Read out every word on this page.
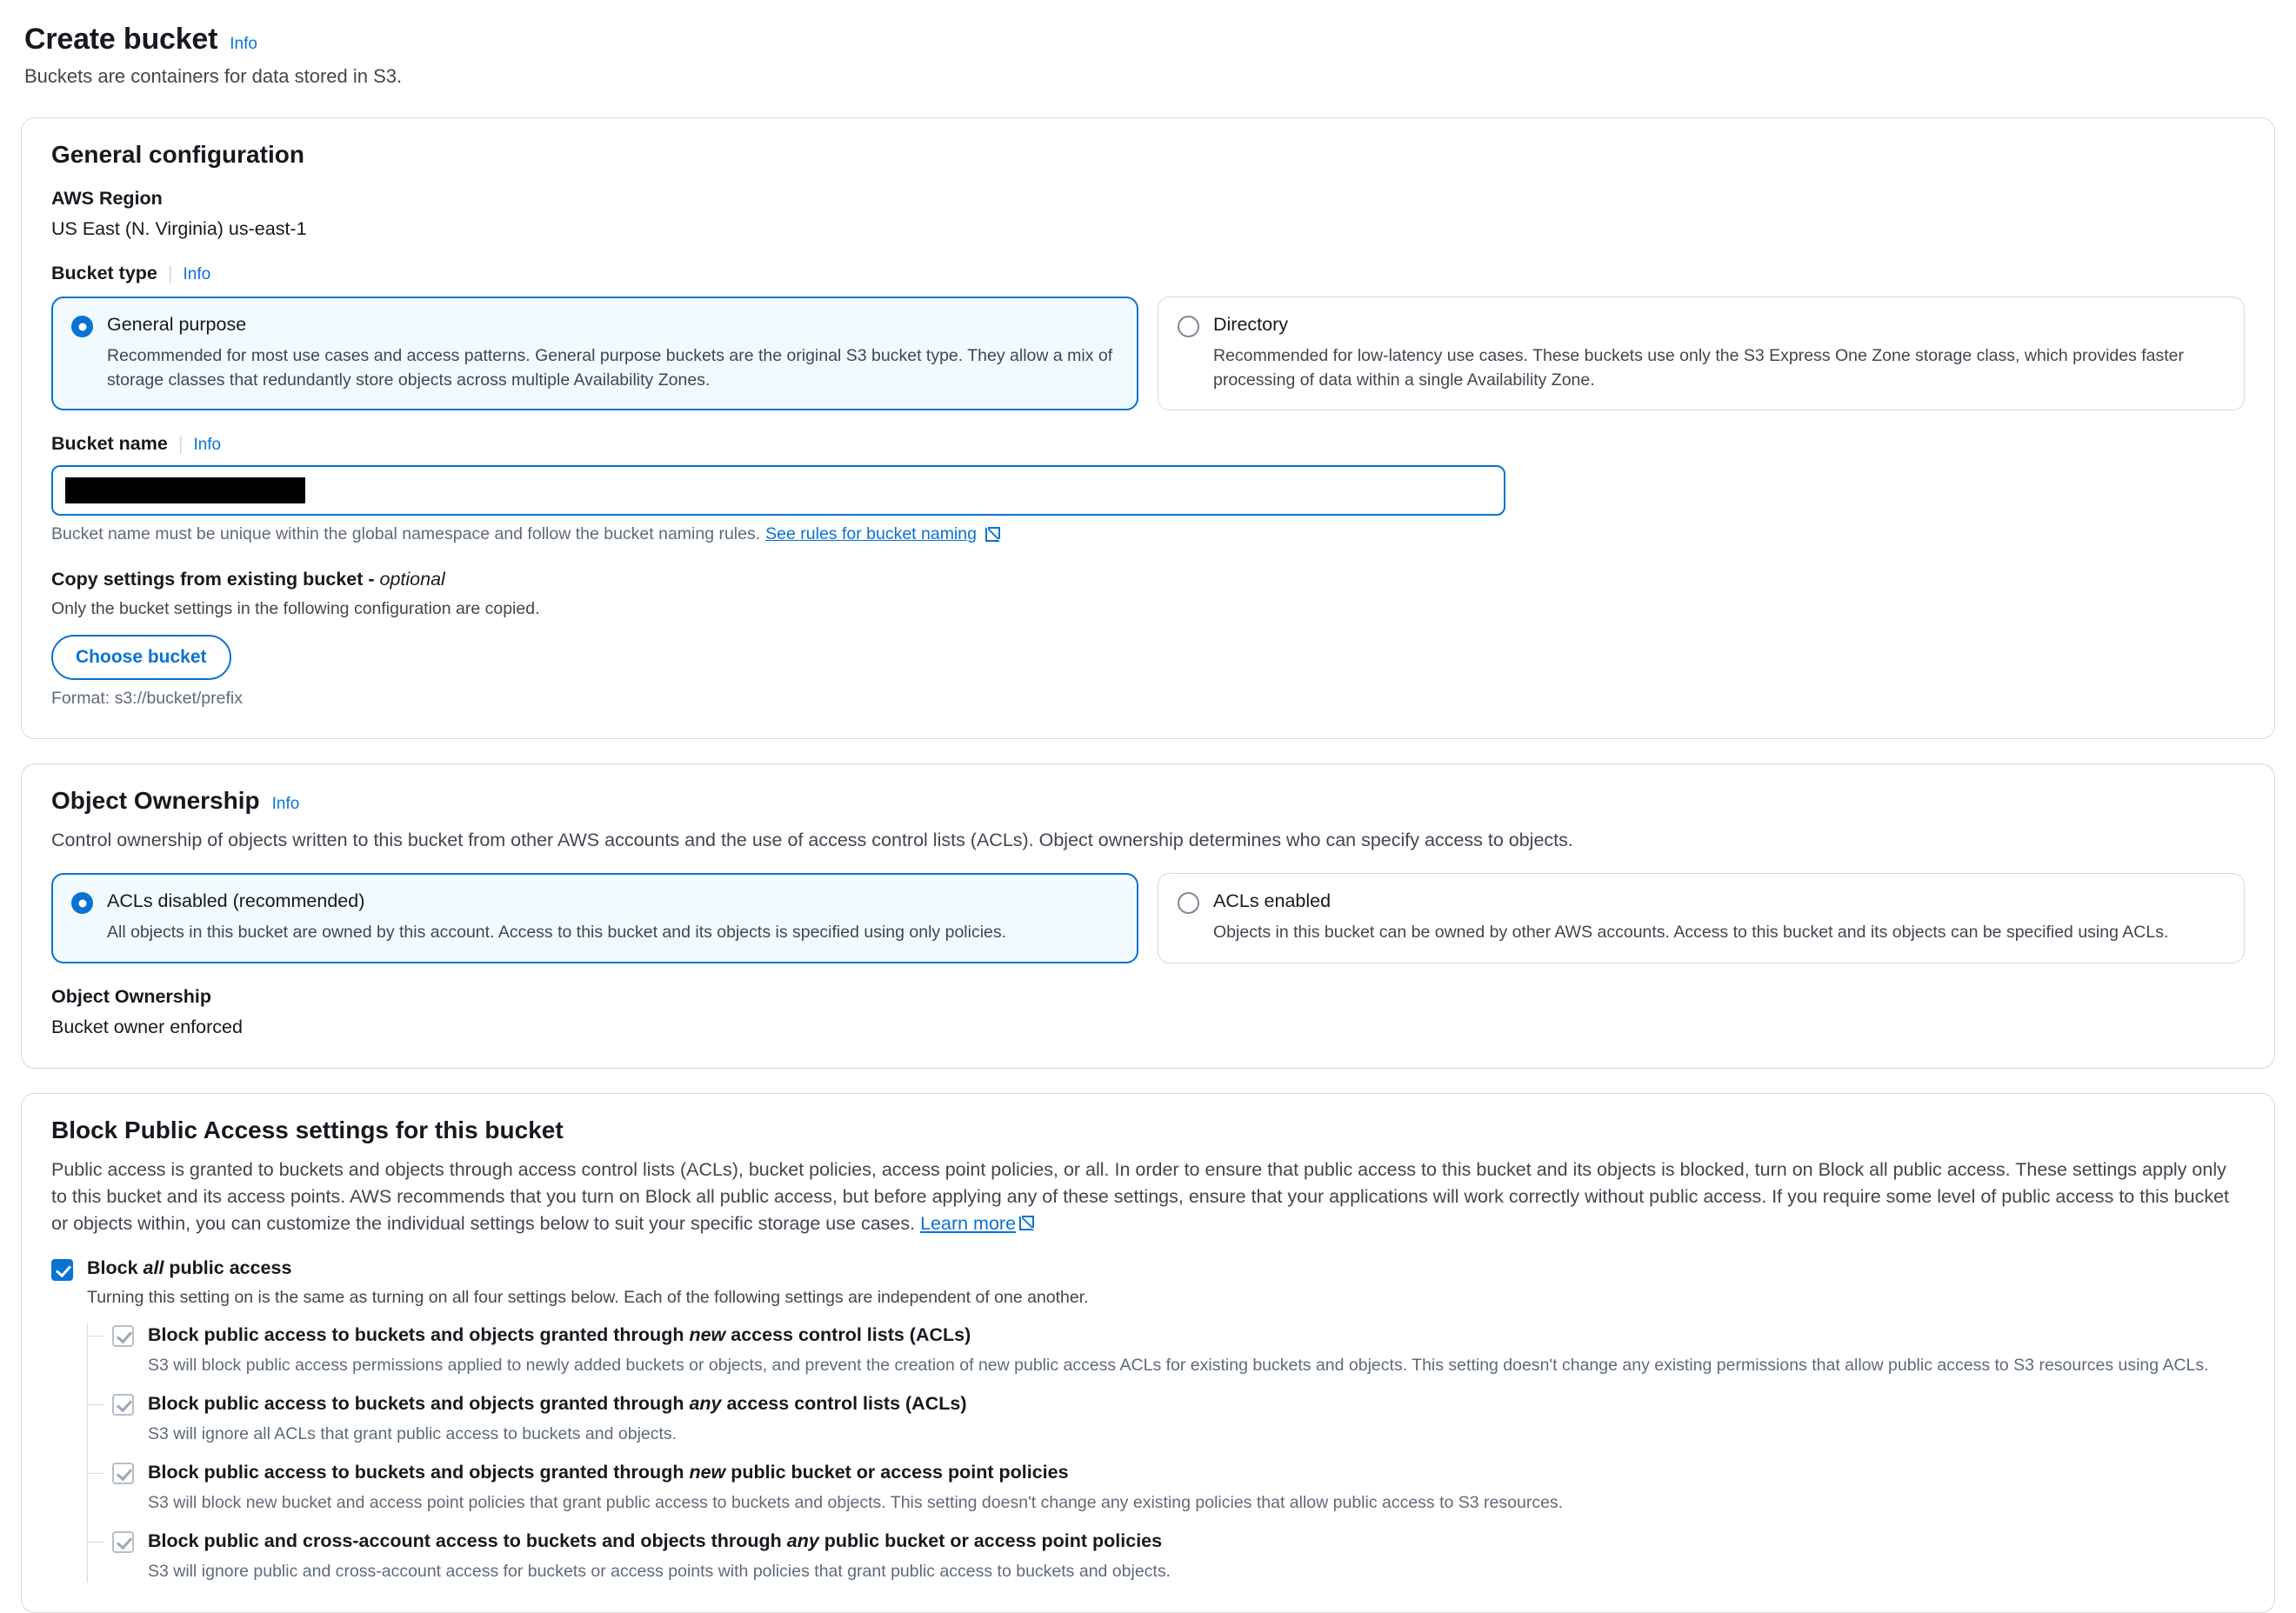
Create bucket Info
Buckets are containers for data stored in S3.
General configuration
AWS Region
US East (N. Virginia) us-east-1
Bucket type | Info
General purpose
Recommended for most use cases and access patterns. General purpose buckets are the original S3 bucket type. They allow a mix of storage classes that redundantly store objects across multiple Availability Zones.
Directory
Recommended for low-latency use cases. These buckets use only the S3 Express One Zone storage class, which provides faster processing of data within a single Availability Zone.
Bucket name | Info
Bucket name must be unique within the global namespace and follow the bucket naming rules. See rules for bucket naming
Copy settings from existing bucket - optional
Only the bucket settings in the following configuration are copied.
Choose bucket
Format: s3://bucket/prefix
Object Ownership Info
Control ownership of objects written to this bucket from other AWS accounts and the use of access control lists (ACLs). Object ownership determines who can specify access to objects.
ACLs disabled (recommended)
All objects in this bucket are owned by this account. Access to this bucket and its objects is specified using only policies.
ACLs enabled
Objects in this bucket can be owned by other AWS accounts. Access to this bucket and its objects can be specified using ACLs.
Object Ownership
Bucket owner enforced
Block Public Access settings for this bucket
Public access is granted to buckets and objects through access control lists (ACLs), bucket policies, access point policies, or all. In order to ensure that public access to this bucket and its objects is blocked, turn on Block all public access. These settings apply only to this bucket and its access points. AWS recommends that you turn on Block all public access, but before applying any of these settings, ensure that your applications will work correctly without public access. If you require some level of public access to this bucket or objects within, you can customize the individual settings below to suit your specific storage use cases. Learn more
Block all public access
Turning this setting on is the same as turning on all four settings below. Each of the following settings are independent of one another.
Block public access to buckets and objects granted through new access control lists (ACLs)
S3 will block public access permissions applied to newly added buckets or objects, and prevent the creation of new public access ACLs for existing buckets and objects. This setting doesn't change any existing permissions that allow public access to S3 resources using ACLs.
Block public access to buckets and objects granted through any access control lists (ACLs)
S3 will ignore all ACLs that grant public access to buckets and objects.
Block public access to buckets and objects granted through new public bucket or access point policies
S3 will block new bucket and access point policies that grant public access to buckets and objects. This setting doesn't change any existing policies that allow public access to S3 resources.
Block public and cross-account access to buckets and objects through any public bucket or access point policies
S3 will ignore public and cross-account access for buckets or access points with policies that grant public access to buckets and objects.
